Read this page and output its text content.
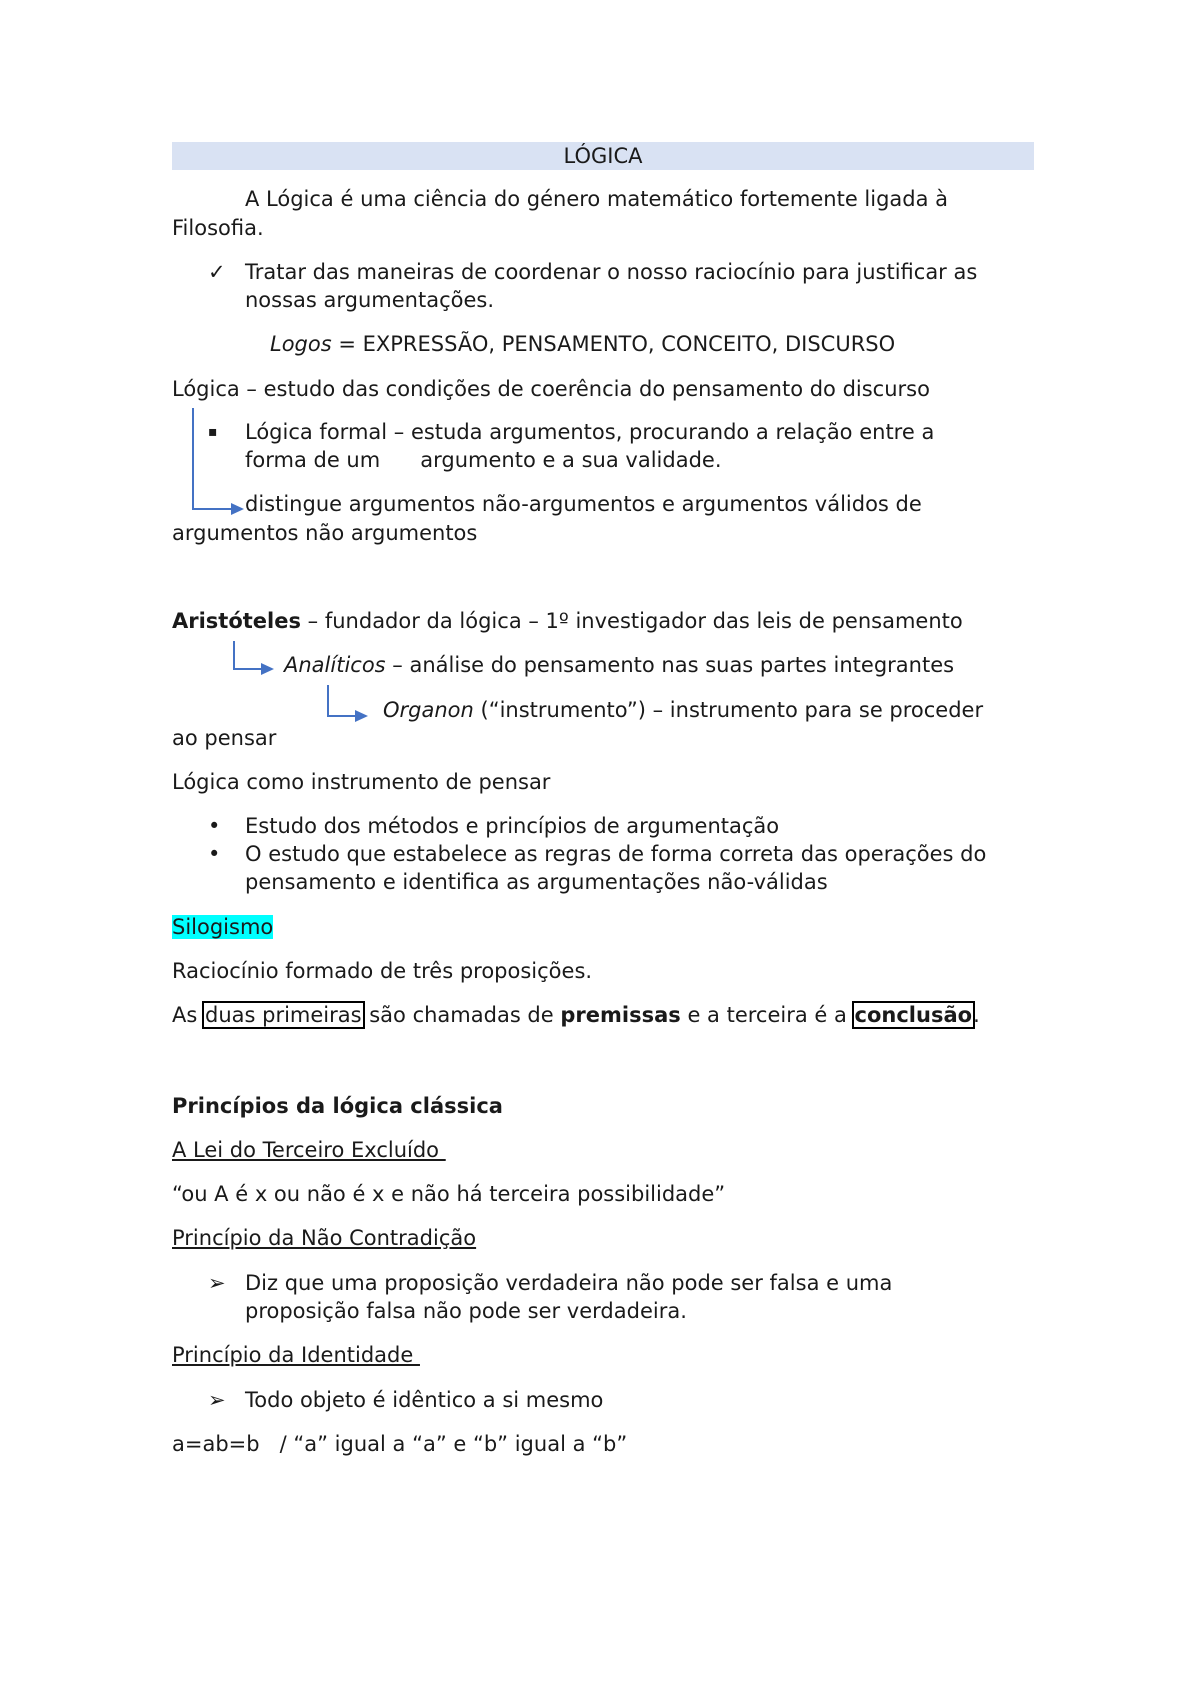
LÓGICA
A Lógica é uma ciência do género matemático fortemente ligada à
Filosofia.
✓ Tratar das maneiras de coordenar o nosso raciocínio para justificar as
nossas argumentações.
Logos = EXPRESSÃO, PENSAMENTO, CONCEITO, DISCURSO
Lógica – estudo das condições de coerência do pensamento do discurso
▪ Lógica formal – estuda argumentos, procurando a relação entre a
forma de um      argumento e a sua validade.
distingue argumentos não-argumentos e argumentos válidos de
argumentos não argumentos
Aristóteles – fundador da lógica – 1º investigador das leis de pensamento
Analíticos – análise do pensamento nas suas partes integrantes
Organon (“instrumento”) – instrumento para se proceder
ao pensar
Lógica como instrumento de pensar
• Estudo dos métodos e princípios de argumentação
• O estudo que estabelece as regras de forma correta das operações do
pensamento e identifica as argumentações não-válidas
Silogismo
Raciocínio formado de três proposições.
As duas primeiras são chamadas de premissas e a terceira é a conclusão.
Princípios da lógica clássica
A Lei do Terceiro Excluído
“ou A é x ou não é x e não há terceira possibilidade”
Princípio da Não Contradição
➢ Diz que uma proposição verdadeira não pode ser falsa e uma
proposição falsa não pode ser verdadeira.
Princípio da Identidade
➢ Todo objeto é idêntico a si mesmo
a=ab=b   / “a” igual a “a” e “b” igual a “b”
